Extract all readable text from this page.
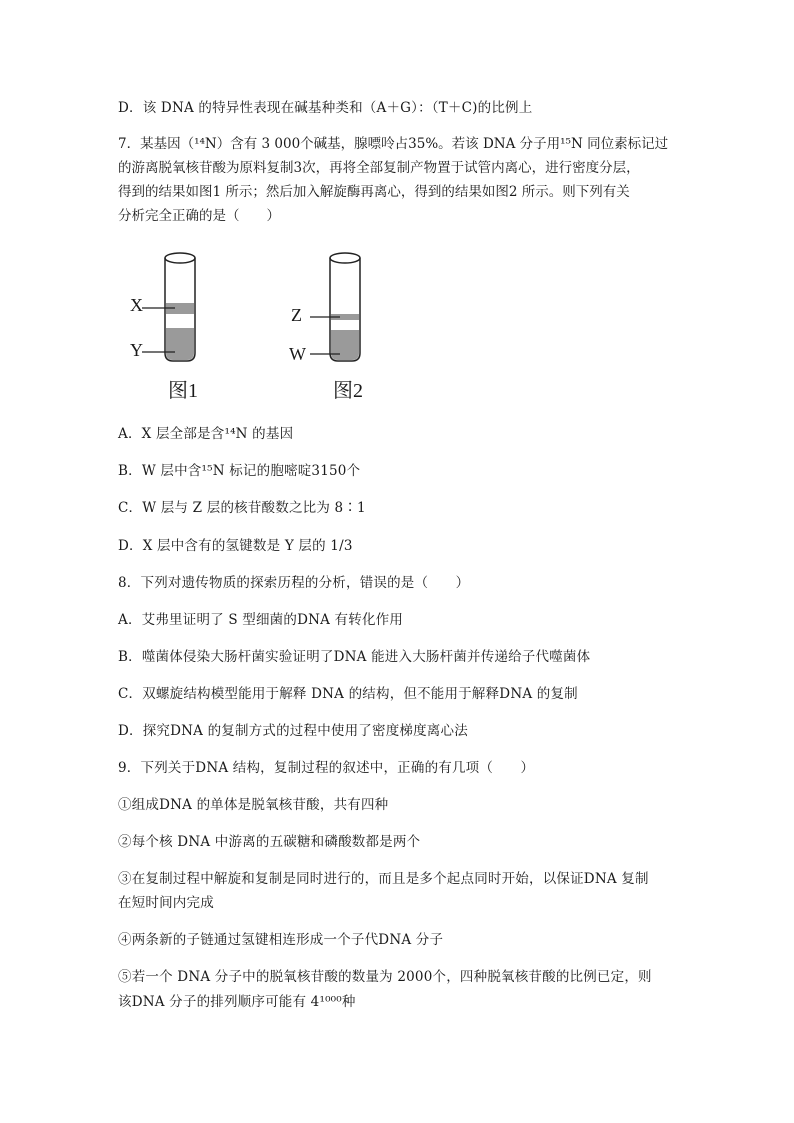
D．该 DNA 的特异性表现在碱基种类和（A＋G）：（T＋C)的比例上
7．某基因（¹⁴N）含有 3 000个碱基，腺嘌呤占35%。若该 DNA 分子用¹⁵N 同位素标记过
的游离脱氧核苷酸为原料复制3次，再将全部复制产物置于试管内离心，进行密度分层，
得到的结果如图1 所示；然后加入解旋酶再离心，得到的结果如图2 所示。则下列有关
分析完全正确的是（　　）
X
Y
图1
Z
W
图2
A．X 层全部是含¹⁴N 的基因
B．W 层中含¹⁵N 标记的胞嘧啶3150个
C．W 层与 Z 层的核苷酸数之比为 8∶1
D．X 层中含有的氢键数是 Y 层的 1/3
8．下列对遗传物质的探索历程的分析，错误的是（　　）
A．艾弗里证明了 S 型细菌的DNA 有转化作用
B．噬菌体侵染大肠杆菌实验证明了DNA 能进入大肠杆菌并传递给子代噬菌体
C．双螺旋结构模型能用于解释 DNA 的结构，但不能用于解释DNA 的复制
D．探究DNA 的复制方式的过程中使用了密度梯度离心法
9．下列关于DNA 结构，复制过程的叙述中，正确的有几项（　　）
①组成DNA 的单体是脱氧核苷酸，共有四种
②每个核 DNA 中游离的五碳糖和磷酸数都是两个
③在复制过程中解旋和复制是同时进行的，而且是多个起点同时开始，以保证DNA 复制
在短时间内完成
④两条新的子链通过氢键相连形成一个子代DNA 分子
⑤若一个 DNA 分子中的脱氧核苷酸的数量为 2000个，四种脱氧核苷酸的比例已定，则
该DNA 分子的排列顺序可能有 4¹⁰⁰⁰种
